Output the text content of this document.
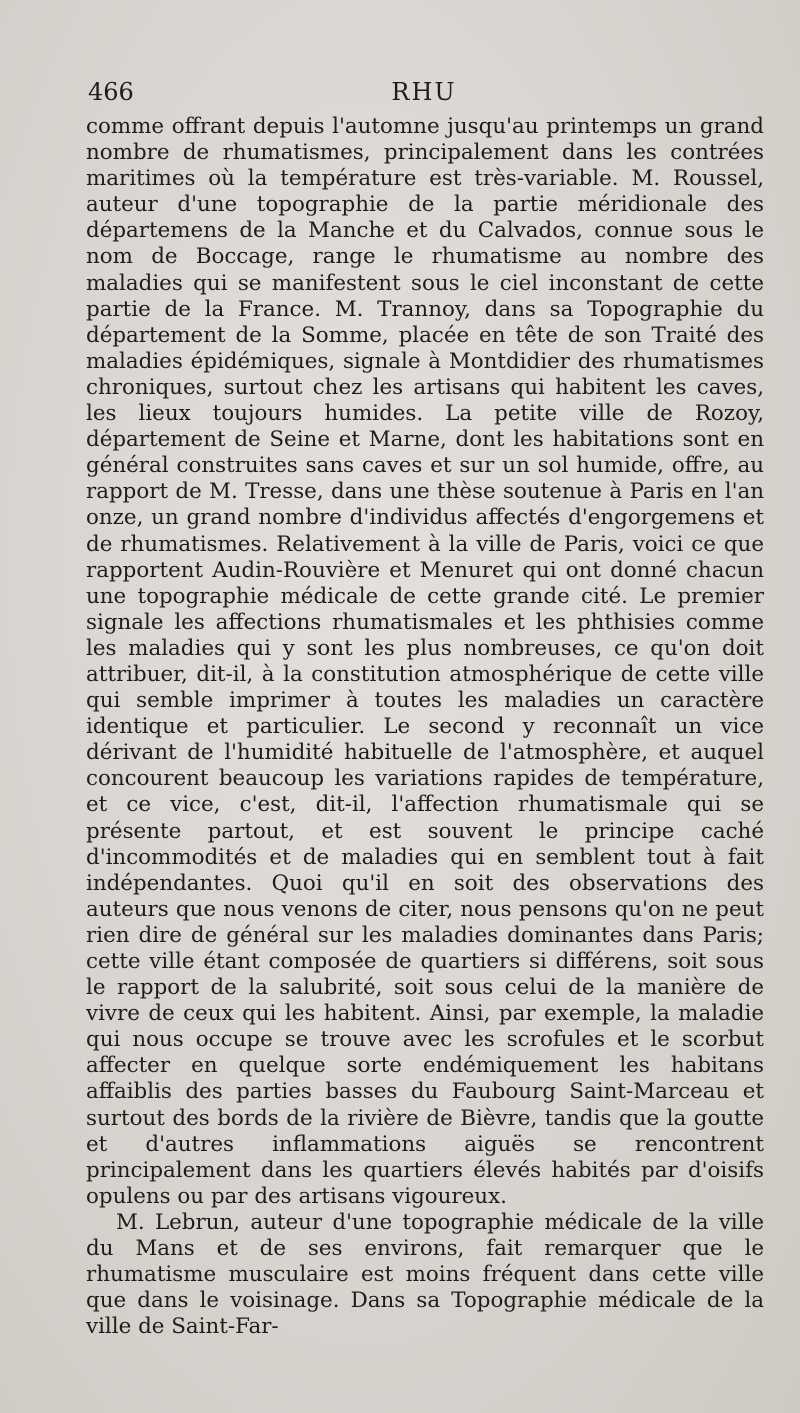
466	RHU

comme offrant depuis l'automne jusqu'au printemps un grand nombre de rhumatismes, principalement dans les contrées maritimes où la température est très-variable. M. Roussel, auteur d'une topographie de la partie méridionale des départemens de la Manche et du Calvados, connue sous le nom de Boccage, range le rhumatisme au nombre des maladies qui se manifestent sous le ciel inconstant de cette partie de la France. M. Trannoy, dans sa Topographie du département de la Somme, placée en tête de son Traité des maladies épidémiques, signale à Montdidier des rhumatismes chroniques, surtout chez les artisans qui habitent les caves, les lieux toujours humides. La petite ville de Rozoy, département de Seine et Marne, dont les habitations sont en général construites sans caves et sur un sol humide, offre, au rapport de M. Tresse, dans une thèse soutenue à Paris en l'an onze, un grand nombre d'individus affectés d'engorgemens et de rhumatismes. Relativement à la ville de Paris, voici ce que rapportent Audin-Rouvière et Menuret qui ont donné chacun une topographie médicale de cette grande cité. Le premier signale les affections rhumatismales et les phthisies comme les maladies qui y sont les plus nombreuses, ce qu'on doit attribuer, dit-il, à la constitution atmosphérique de cette ville qui semble imprimer à toutes les maladies un caractère identique et particulier. Le second y reconnaît un vice dérivant de l'humidité habituelle de l'atmosphère, et auquel concourent beaucoup les variations rapides de température, et ce vice, c'est, dit-il, l'affection rhumatismale qui se présente partout, et est souvent le principe caché d'incommodités et de maladies qui en semblent tout à fait indépendantes. Quoi qu'il en soit des observations des auteurs que nous venons de citer, nous pensons qu'on ne peut rien dire de général sur les maladies dominantes dans Paris; cette ville étant composée de quartiers si différens, soit sous le rapport de la salubrité, soit sous celui de la manière de vivre de ceux qui les habitent. Ainsi, par exemple, la maladie qui nous occupe se trouve avec les scrofules et le scorbut affecter en quelque sorte endémiquement les habitans affaiblis des parties basses du Faubourg Saint-Marceau et surtout des bords de la rivière de Bièvre, tandis que la goutte et d'autres inflammations aiguës se rencontrent principalement dans les quartiers élevés habités par d'oisifs opulens ou par des artisans vigoureux.

M. Lebrun, auteur d'une topographie médicale de la ville du Mans et de ses environs, fait remarquer que le rhumatisme musculaire est moins fréquent dans cette ville que dans le voisinage. Dans sa Topographie médicale de la ville de Saint-Far-
